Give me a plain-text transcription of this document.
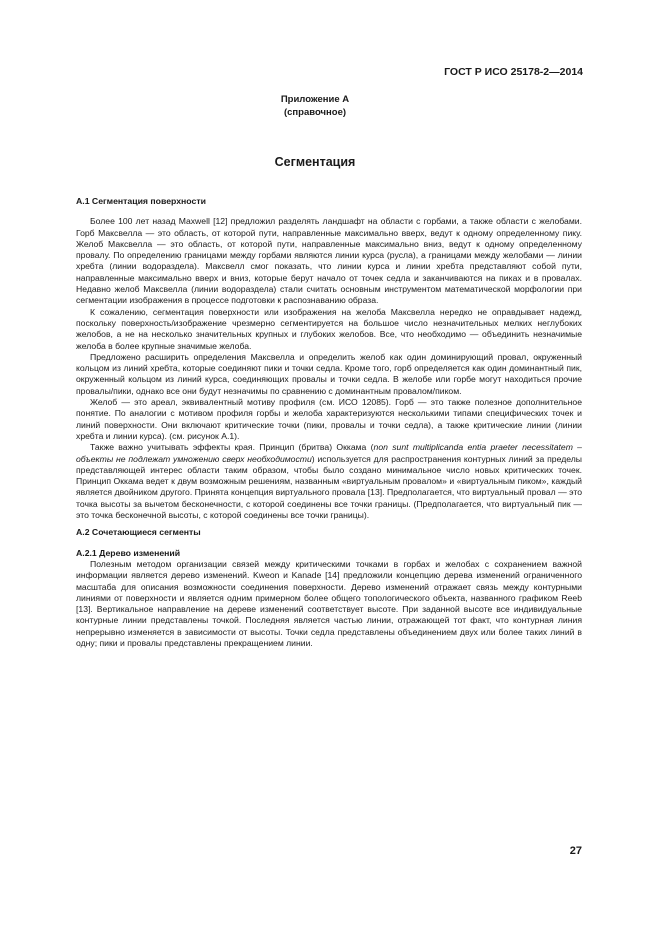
ГОСТ Р ИСО 25178-2—2014
Приложение А
(справочное)
Сегментация
А.1 Сегментация поверхности

Более 100 лет назад Maxwell [12] предложил разделять ландшафт на области с горбами, а также области с желобами. Горб Максвелла — это область, от которой пути, направленные максимально вверх, ведут к одному определенному пику. Желоб Максвелла — это область, от которой пути, направленные максимально вниз, ведут к одному определенному провалу. По определению границами между горбами являются линии курса (русла), а границами между желобами — линии хребта (линии водораздела). Максвелл смог показать, что линии курса и линии хребта представляют собой пути, направленные максимально вверх и вниз, которые берут начало от точек седла и заканчиваются на пиках и в провалах. Недавно желоб Максвелла (линии водораздела) стали считать основным инструментом математической морфологии при сегментации изображения в процессе подготовки к распознаванию образа.

К сожалению, сегментация поверхности или изображения на желоба Максвелла нередко не оправдывает надежд, поскольку поверхность/изображение чрезмерно сегментируется на большое число незначительных мелких неглубоких желобов, а не на несколько значительных крупных и глубоких желобов. Все, что необходимо — объединить незначимые желоба в более крупные значимые желоба.

Предложено расширить определения Максвелла и определить желоб как один доминирующий провал, окруженный кольцом из линий хребта, которые соединяют пики и точки седла. Кроме того, горб определяется как один доминантный пик, окруженный кольцом из линий курса, соединяющих провалы и точки седла. В желобе или горбе могут находиться прочие провалы/пики, однако все они будут незначимы по сравнению с доминантным провалом/пиком.

Желоб — это ареал, эквивалентный мотиву профиля (см. ИСО 12085). Горб — это также полезное дополнительное понятие. По аналогии с мотивом профиля горбы и желоба характеризуются несколькими типами специфических точек и линий поверхности. Они включают критические точки (пики, провалы и точки седла), а также критические линии (линии хребта и линии курса). (см. рисунок А.1).

Также важно учитывать эффекты края. Принцип (бритва) Оккама (non sunt multiplicanda entia praeter necessitatem – объекты не подлежат умножению сверх необходимости) используется для распространения контурных линий за пределы представляющей интерес области таким образом, чтобы было создано минимальное число новых критических точек. Принцип Оккама ведет к двум возможным решениям, названным «виртуальным провалом» и «виртуальным пиком», каждый является двойником другого. Принята концепция виртуального провала [13]. Предполагается, что виртуальный провал — это точка высоты за вычетом бесконечности, с которой соединены все точки границы. (Предполагается, что виртуальный пик — это точка бесконечной высоты, с которой соединены все точки границы).

А.2 Сочетающиеся сегменты
А.2.1 Дерево изменений

Полезным методом организации связей между критическими точками в горбах и желобах с сохранением важной информации является дерево изменений. Kweon и Kanade [14] предложили концепцию дерева изменений ограниченного масштаба для описания возможности соединения поверхности. Дерево изменений отражает связь между контурными линиями от поверхности и является одним примерном более общего топологического объекта, названного графиком Reeb [13]. Вертикальное направление на дереве изменений соответствует высоте. При заданной высоте все индивидуальные контурные линии представлены точкой. Последняя является частью линии, отражающей тот факт, что контурная линия непрерывно изменяется в зависимости от высоты. Точки седла представлены объединением двух или более таких линий в одну; пики и провалы представлены прекращением линии.

27
